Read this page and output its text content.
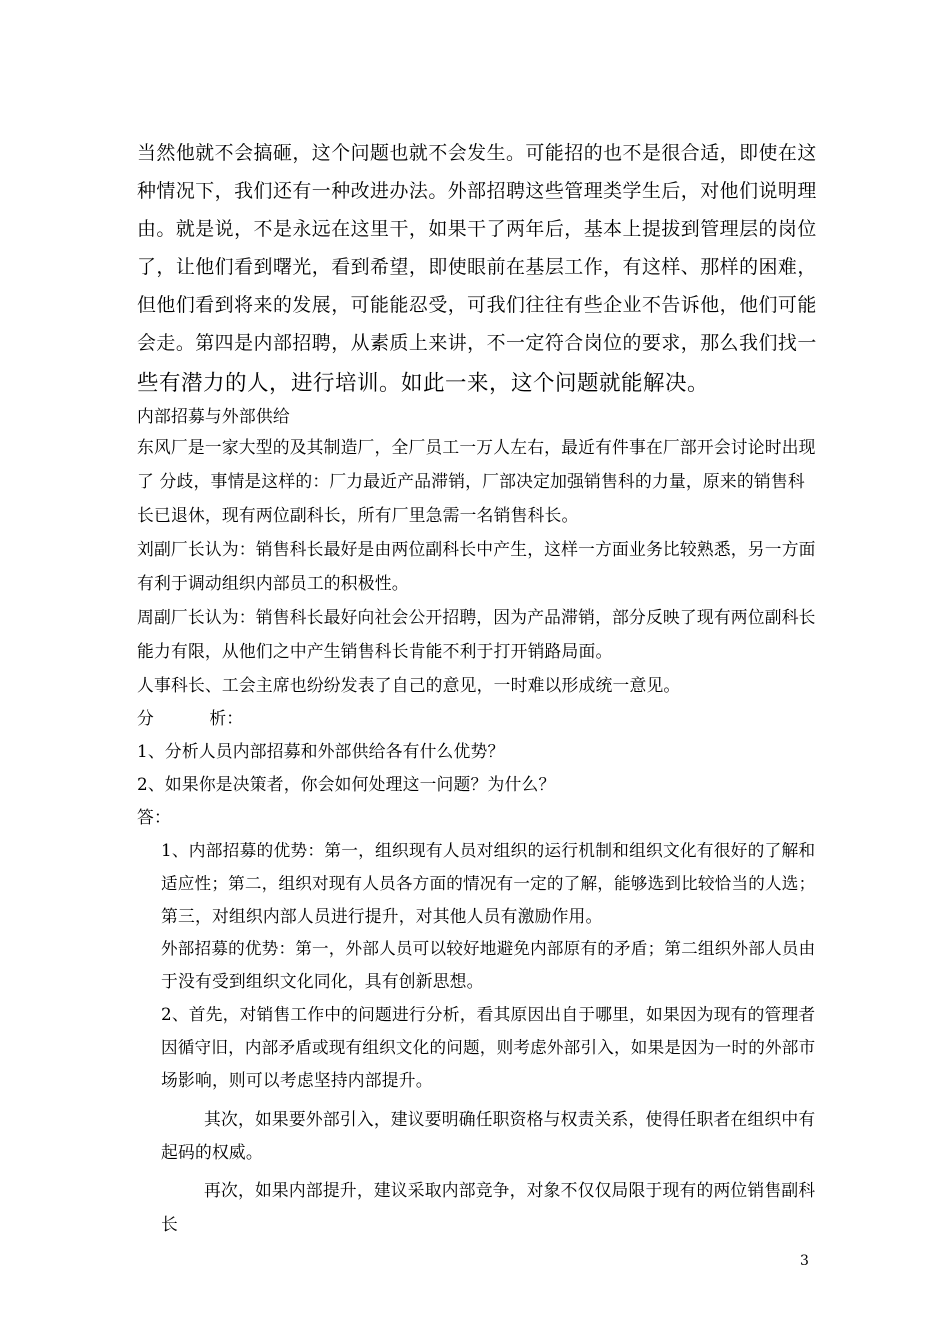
当然他就不会搞砸，这个问题也就不会发生。可能招的也不是很合适，即使在这

种情况下，我们还有一种改进办法。外部招聘这些管理类学生后，对他们说明理

由。就是说，不是永远在这里干，如果干了两年后，基本上提拔到管理层的岗位

了，让他们看到曙光，看到希望，即使眼前在基层工作，有这样、那样的困难，

但他们看到将来的发展，可能能忍受，可我们往往有些企业不告诉他，他们可能

会走。第四是内部招聘，从素质上来讲，不一定符合岗位的要求，那么我们找一

些有潜力的人，进行培训。如此一来，这个问题就能解决。

内部招募与外部供给

东风厂是一家大型的及其制造厂，全厂员工一万人左右，最近有件事在厂部开会讨论时出现

了 分歧，事情是这样的：厂力最近产品滞销，厂部决定加强销售科的力量，原来的销售科

长已退休，现有两位副科长，所有厂里急需一名销售科长。

刘副厂长认为：销售科长最好是由两位副科长中产生，这样一方面业务比较熟悉，另一方面

有利于调动组织内部员工的积极性。

周副厂长认为：销售科长最好向社会公开招聘，因为产品滞销，部分反映了现有两位副科长

能力有限，从他们之中产生销售科长肯能不利于打开销路局面。

人事科长、工会主席也纷纷发表了自己的意见，一时难以形成统一意见。

分          析：

1、分析人员内部招募和外部供给各有什么优势？

2、如果你是决策者，你会如何处理这一问题？为什么？

答：

1、内部招募的优势：第一，组织现有人员对组织的运行机制和组织文化有很好的了解和

适应性；第二，组织对现有人员各方面的情况有一定的了解，能够选到比较恰当的人选；

第三，对组织内部人员进行提升，对其他人员有激励作用。

外部招募的优势：第一，外部人员可以较好地避免内部原有的矛盾；第二组织外部人员由

于没有受到组织文化同化，具有创新思想。

2、首先，对销售工作中的问题进行分析，看其原因出自于哪里，如果因为现有的管理者

因循守旧，内部矛盾或现有组织文化的问题，则考虑外部引入，如果是因为一时的外部市

场影响，则可以考虑坚持内部提升。

其次，如果要外部引入，建议要明确任职资格与权责关系，使得任职者在组织中有

起码的权威。

再次，如果内部提升，建议采取内部竞争，对象不仅仅局限于现有的两位销售副科

长

3
